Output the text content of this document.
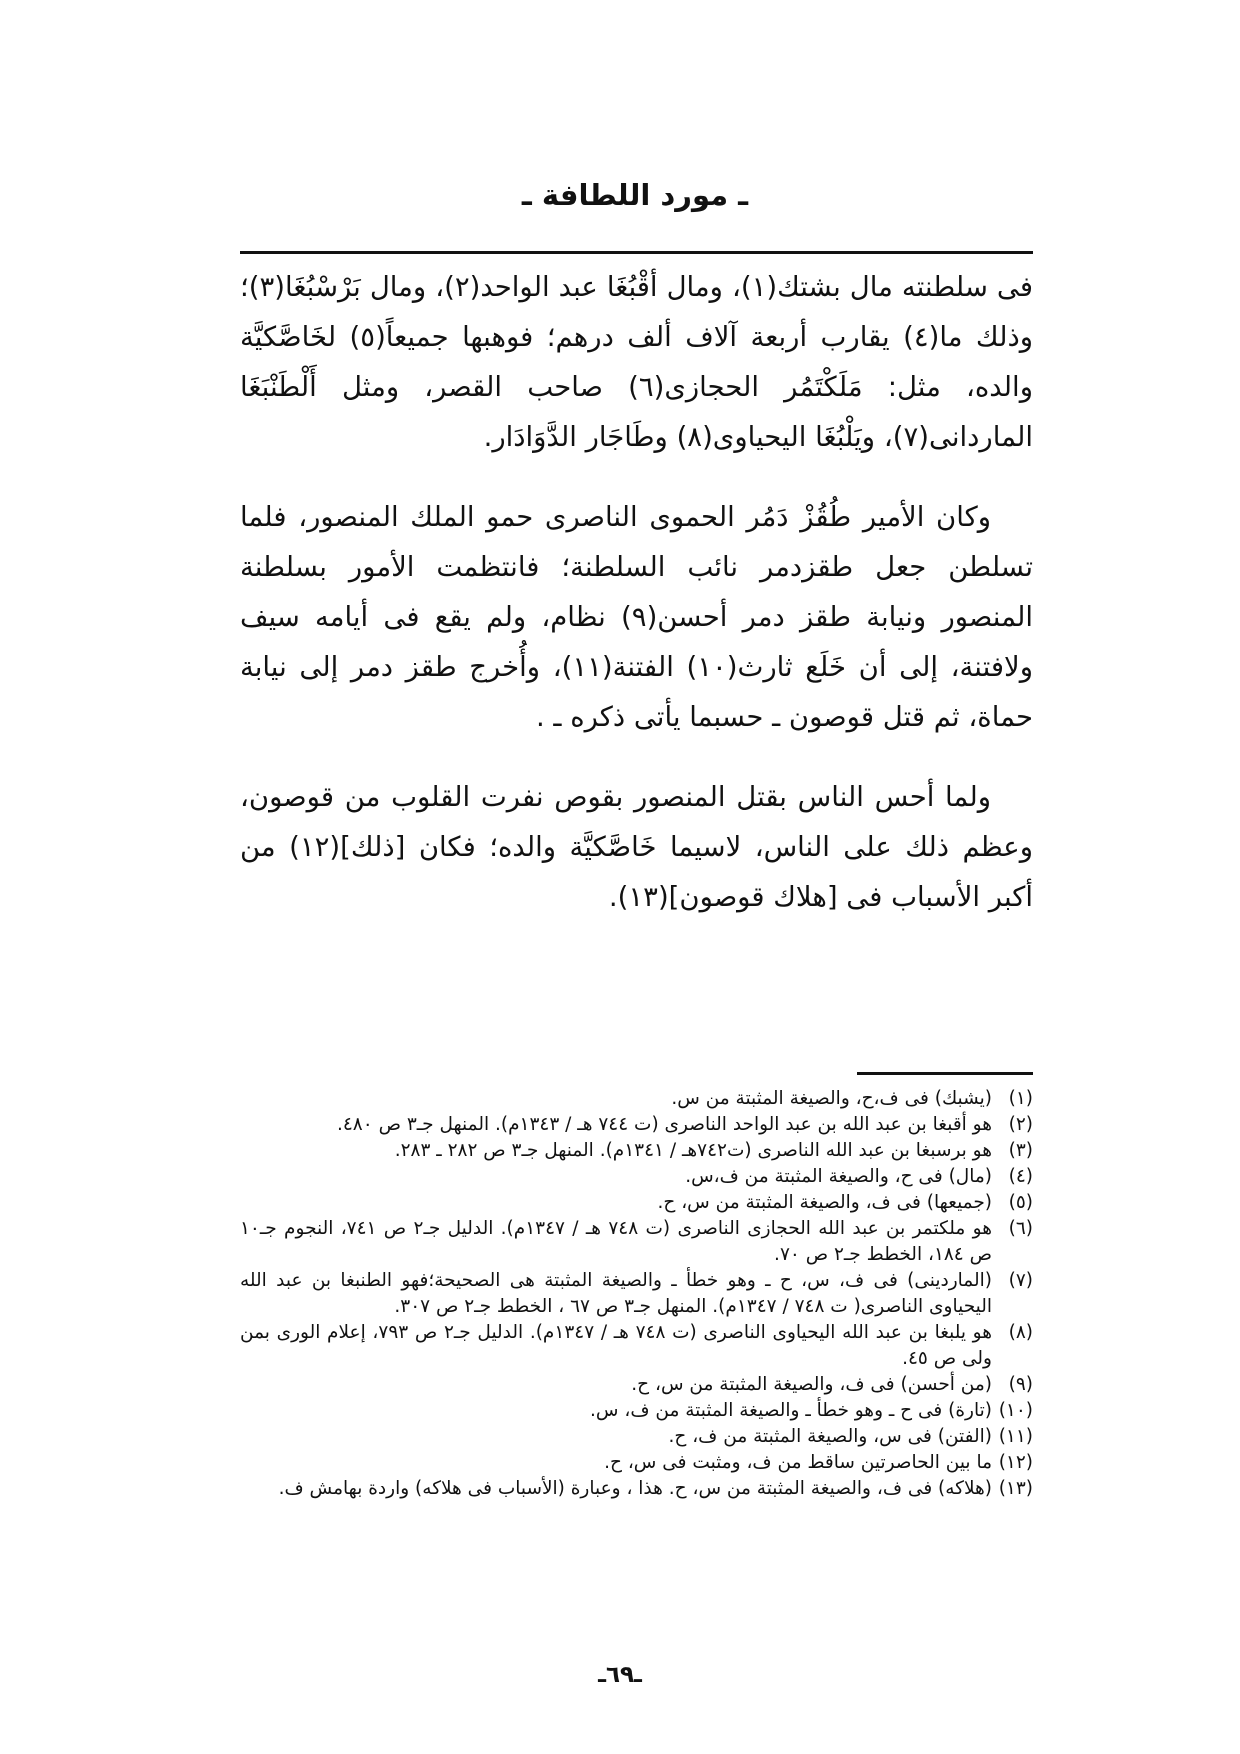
ـ مورد اللطافة ـ

فى سلطنته مال بشتك(١)، ومال أقْبُغَا عبد الواحد(٢)، ومال بَرْسْبُغَا(٣)؛ وذلك ما(٤) يقارب أربعة آلاف ألف درهم؛ فوهبها جميعاً(٥) لخَاصَّكيَّة والده، مثل: مَلَكْتَمُر الحجازى(٦) صاحب القصر، ومثل أَلْطَنْبَغَا الماردانى(٧)، ويَلْبُغَا اليحياوى(٨) وطَاجَار الدَّوَادَار.

وكان الأمير طُقُزْ دَمُر الحموى الناصرى حمو الملك المنصور، فلما تسلطن جعل طقزدمر نائب السلطنة؛ فانتظمت الأمور بسلطنة المنصور ونيابة طقز دمر أحسن(٩) نظام، ولم يقع فى أيامه سيف ولافتنة، إلى أن خَلَع ثارث(١٠) الفتنة(١١)، وأُخرج طقز دمر إلى نيابة حماة، ثم قتل قوصون ـ حسبما يأتى ذكره ـ .

ولما أحس الناس بقتل المنصور بقوص نفرت القلوب من قوصون، وعظم ذلك على الناس، لاسيما خَاصَّكيَّة والده؛ فكان [ذلك](١٢) من أكبر الأسباب فى [هلاك قوصون](١٣).

(١)
(يشبك) فى ف،ح، والصيغة المثبتة من س.
(٢)
هو أقبغا بن عبد الله بن عبد الواحد الناصرى (ت ٧٤٤ هـ / ١٣٤٣م). المنهل جـ٣ ص ٤٨٠.
(٣)
هو برسبغا بن عبد الله الناصرى (ت٧٤٢هـ / ١٣٤١م). المنهل جـ٣ ص ٢٨٢ ـ ٢٨٣.
(٤)
(مال) فى ح، والصيغة المثبتة من ف،س.
(٥)
(جميعها) فى ف، والصيغة المثبتة من س، ح.
(٦)
هو ملكتمر بن عبد الله الحجازى الناصرى (ت ٧٤٨ هـ / ١٣٤٧م). الدليل جـ٢ ص ٧٤١، النجوم جـ١٠ ص ١٨٤، الخطط جـ٢ ص ٧٠.
(٧)
(الماردينى) فى ف، س، ح ـ وهو خطأ ـ والصيغة المثبتة هى الصحيحة؛فهو الطنبغا بن عبد الله اليحياوى الناصرى( ت ٧٤٨ / ١٣٤٧م). المنهل جـ٣ ص ٦٧ ، الخطط جـ٢ ص ٣٠٧.
(٨)
هو يلبغا بن عبد الله اليحياوى الناصرى (ت ٧٤٨ هـ / ١٣٤٧م). الدليل جـ٢ ص ٧٩٣، إعلام الورى بمن ولى ص ٤٥.
(٩)
(من أحسن) فى ف، والصيغة المثبتة من س، ح.
(١٠)
(تارة) فى ح ـ وهو خطأ ـ والصيغة المثبتة من ف، س.
(١١)
(الفتن) فى س، والصيغة المثبتة من ف، ح.
(١٢)
ما بين الحاصرتين ساقط من ف، ومثبت فى س، ح.
(١٣)
(هلاكه) فى ف، والصيغة المثبتة من س، ح. هذا ، وعبارة (الأسباب فى هلاكه) واردة بهامش ف.

ـ٦٩ـ
